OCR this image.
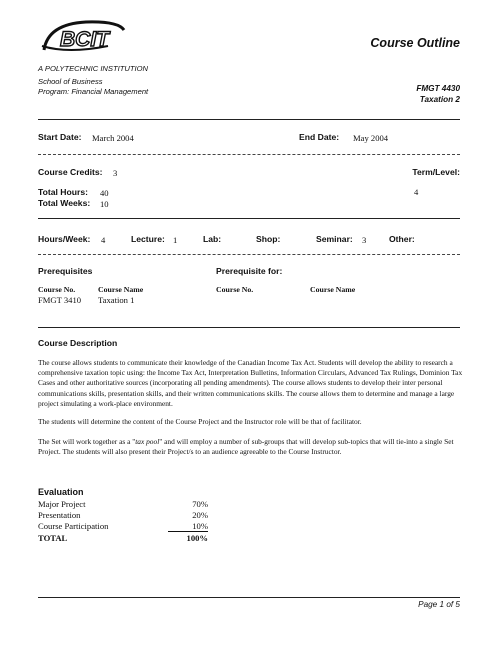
BCIT	Course Outline
A POLYTECHNIC INSTITUTION
School of Business
Program: Financial Management	FMGT 4430
Taxation 2
Start Date: March 2004	End Date: May 2004
Course Credits: 3	Term/Level:
4
Total Hours: 40
Total Weeks: 10
Hours/Week: 4	Lecture: 1	Lab:	Shop:	Seminar: 3	Other:
Prerequisites	Prerequisite for:
Course No.	Course Name	Course No.	Course Name
FMGT 3410 Taxation 1
Course Description
The course allows students to communicate their knowledge of the Canadian Income Tax Act. Students will develop the ability to research a comprehensive taxation topic using: the Income Tax Act, Interpretation Bulletins, Information Circulars, Advanced Tax Rulings, Dominion Tax Cases and other authoritative sources (incorporating all pending amendments). The course allows students to develop their inter personal communications skills, presentation skills, and their written communications skills. The course allows them to determine and manage a large project simulating a work-place environment.
The students will determine the content of the Course Project and the Instructor role will be that of facilitator.
The Set will work together as a "tax pool" and will employ a number of sub-groups that will develop sub-topics that will tie-into a single Set Project. The students will also present their Project/s to an audience agreeable to the Course Instructor.
Evaluation
Major Project	70%
Presentation	20%
Course Participation	10%
TOTAL	100%
Page 1 of 5
